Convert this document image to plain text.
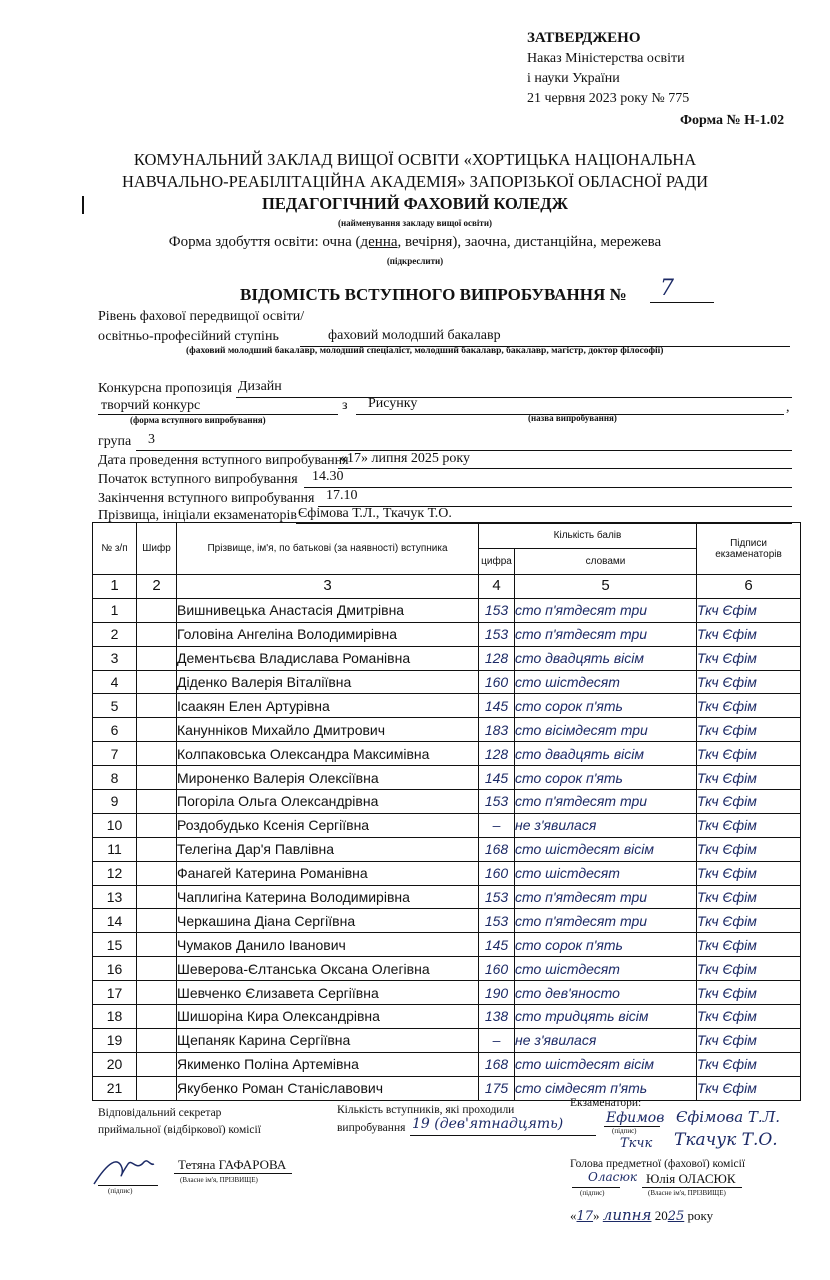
ЗАТВЕРДЖЕНО
Наказ Міністерства освіти
і науки України
21 червня 2023 року № 775
Форма № Н-1.02
КОМУНАЛЬНИЙ ЗАКЛАД ВИЩОЇ ОСВІТИ «ХОРТИЦЬКА НАЦІОНАЛЬНА
НАВЧАЛЬНО-РЕАБІЛІТАЦІЙНА АКАДЕМІЯ» ЗАПОРІЗЬКОЇ ОБЛАСНОЇ РАДИ
ПЕДАГОГІЧНИЙ ФАХОВИЙ КОЛЕДЖ
(найменування закладу вищої освіти)
Форма здобуття освіти: очна (денна, вечірня), заочна, дистанційна, мережева
(підкреслити)
ВІДОМІСТЬ ВСТУПНОГО ВИПРОБУВАННЯ № 7
Рівень фахової передвищої освіти/
освітньо-професійний ступінь	фаховий молодший бакалавр
(фаховий молодший бакалавр, молодший спеціаліст, молодший бакалавр, бакалавр, магістр, доктор філософії)
Конкурсна пропозиція Дизайн
творчий конкурс	з Рисунку	,
(форма вступного випробування)	(назва випробування)
група 3
Дата проведення вступного випробування
«17» липня 2025 року
Початок вступного випробування 14.30
Закінчення вступного випробування 17.10
Прізвища, ініціали екзаменаторів Єфімова Т.Л., Ткачук Т.О.
№ з/п	Шифр	Прізвище, ім'я, по батькові (за наявності) вступника	Кількість балів		Підписи екзаменаторів
			цифра	словами	
1	2	3	4	5	6
1		Вишнивецька Анастасія Дмитрівна	153	сто п'ятдесят три	Ткч Єфім
2		Головіна Ангеліна Володимирівна	153	сто п'ятдесят три	Ткч Єфім
3		Дементьєва Владислава Романівна	128	сто двадцять вісім	Ткч Єфім
4		Діденко Валерія Віталіївна	160	сто шістдесят	Ткч Єфім
5		Ісаакян Елен Артурівна	145	сто сорок п'ять	Ткч Єфім
6		Канунніков Михайло Дмитрович	183	сто вісімдесят три	Ткч Єфім
7		Колпаковська Олександра Максимівна	128	сто двадцять вісім	Ткч Єфім
8		Мироненко Валерія Олексіївна	145	сто сорок п'ять	Ткч Єфім
9		Погоріла Ольга Олександрівна	153	сто п'ятдесят три	Ткч Єфім
10		Роздобудько Ксенія Сергіївна	–	не з'явилася	Ткч Єфім
11		Телегіна Дар'я Павлівна	168	сто шістдесят вісім	Ткч Єфім
12		Фанагей Катерина Романівна	160	сто шістдесят	Ткч Єфім
13		Чаплигіна Катерина Володимирівна	153	сто п'ятдесят три	Ткч Єфім
14		Черкашина Діана Сергіївна	153	сто п'ятдесят три	Ткч Єфім
15		Чумаков Данило Іванович	145	сто сорок п'ять	Ткч Єфім
16		Шеверова-Єлтанська Оксана Олегівна	160	сто шістдесят	Ткч Єфім
17		Шевченко Єлизавета Сергіївна	190	сто дев'яносто	Ткч Єфім
18		Шишоріна Кира Олександрівна	138	сто тридцять вісім	Ткч Єфім
19		Щепаняк Карина Сергіївна	–	не з'явилася	Ткч Єфім
20		Якименко Поліна Артемівна	168	сто шістдесят вісім	Ткч Єфім
21		Якубенко Роман Станіславович	175	сто сімдесят п'ять	Ткч Єфім
Відповідальний секретар
приймальної (відбіркової) комісії
(підпис)
Тетяна ГАФАРОВА
(Власне ім'я, ПРІЗВИЩЕ)
Кількість вступників, які проходили
випробування 19 (дев'ятнадцять)
Екзаменатори:
Ефимов Єфімова Т.Л.
(підпис)
Ткчк Ткачук Т.О.
Голова предметної (фахової) комісії
Оласюк Юлія ОЛАСЮК
(підпис)	(Власне ім'я, ПРІЗВИЩЕ)
«17» липня 2025 року
